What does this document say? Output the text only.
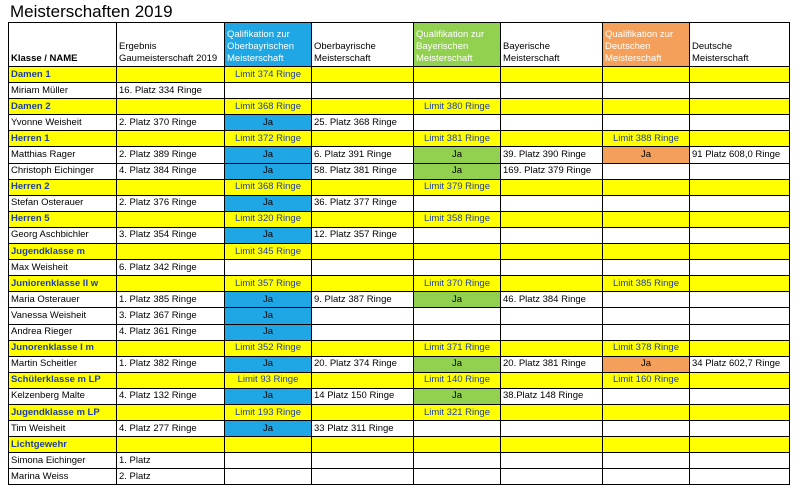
Meisterschaften 2019
Klasse / NAME	Ergebnis Gaumeisterschaft 2019	Qalifikation zur Oberbayrischen Meisterschaft	Oberbayrische Meisterschaft	Qualifikation zur Bayerischen Meisterschaft	Bayerische Meisterschaft	Qualifikation zur Deutschen Meisterschaft	Deutsche Meisterschaft
Damen 1		Limit 374 Ringe					
Miriam Müller	16. Platz 334 Ringe						
Damen 2		Limit 368 Ringe		Limit 380 Ringe			
Yvonne Weisheit	2. Platz 370 Ringe	Ja	25. Platz 368 Ringe				
Herren 1		Limit 372 Ringe		Limit 381 Ringe		Limit 388 Ringe	
Matthias Rager	2. Platz 389 Ringe	Ja	6. Platz 391 Ringe	Ja	39. Platz 390 Ringe	Ja	91 Platz 608,0 Ringe
Christoph Eichinger	4. Platz 384 Ringe	Ja	58. Platz 381 Ringe	Ja	169. Platz 379 Ringe		
Herren 2		Limit 368 Ringe		Limit 379 Ringe			
Stefan Osterauer	2. Platz 376 Ringe	Ja	36. Platz 377 Ringe				
Herren 5		Limit 320 Ringe		Limit 358 Ringe			
Georg Aschbichler	3. Platz 354 Ringe	Ja	12. Platz 357 Ringe				
Jugendklasse m		Limit 345 Ringe					
Max Weisheit	6. Platz 342 Ringe						
Juniorenklasse II w		Limit 357 Ringe		Limit 370 Ringe		Limit 385 Ringe	
Maria Osterauer	1. Platz 385 Ringe	Ja	9. Platz 387 Ringe	Ja	46. Platz 384 Ringe		
Vanessa Weisheit	3. Platz 367 Ringe	Ja					
Andrea Rieger	4. Platz 361 Ringe	Ja					
Junorenklasse I m		Limit 352 Ringe		Limit 371 Ringe		Limit 378 Ringe	
Martin Scheitler	1. Platz 382 Ringe	Ja	20. Platz 374 Ringe	Ja	20. Platz 381 Ringe	Ja	34 Platz 602,7 Ringe
Schülerklasse m LP		Limit 93 Ringe		Limit 140 Ringe		Limit 160 Ringe	
Kelzenberg Malte	4. Platz 132 Ringe	Ja	14 Platz 150 Ringe	Ja	38.Platz 148 Ringe		
Jugendklasse m LP		Limit 193 Ringe		Limit 321 Ringe			
Tim Weisheit	4. Platz 277 Ringe	Ja	33 Platz 311 Ringe				
Lichtgewehr							
Simona Eichinger	1. Platz						
Marina Weiss	2. Platz						
